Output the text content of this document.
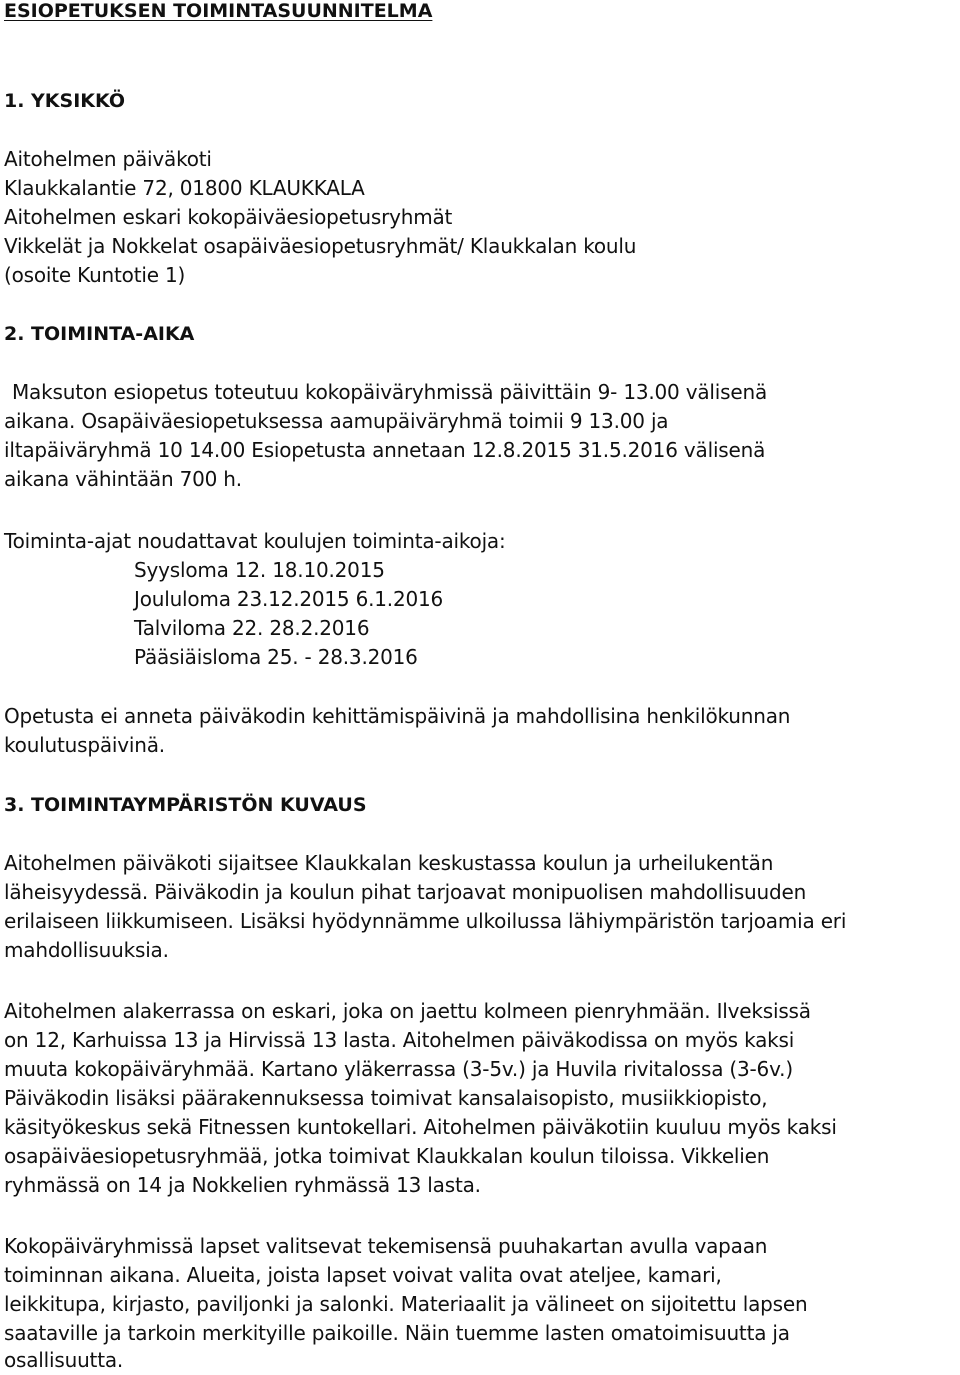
ESIOPETUKSEN TOIMINTASUUNNITELMA
1. YKSIKKÖ
Aitohelmen päiväkoti
Klaukkalantie 72, 01800 KLAUKKALA
Aitohelmen eskari kokopäiväesiopetusryhmät
Vikkelät ja Nokkelat osapäiväesiopetusryhmät/ Klaukkalan koulu
(osoite Kuntotie 1)
2. TOIMINTA-AIKA
Maksuton esiopetus toteutuu kokopäiväryhmissä päivittäin 9- 13.00 välisenä
aikana. Osapäiväesiopetuksessa aamupäiväryhmä toimii 9 13.00 ja
iltapäiväryhmä 10 14.00 Esiopetusta annetaan 12.8.2015 31.5.2016 välisenä
aikana vähintään 700 h.
Toiminta-ajat noudattavat koulujen toiminta-aikoja:
Syysloma 12. 18.10.2015
Joululoma 23.12.2015 6.1.2016
Talviloma 22. 28.2.2016
Pääsiäisloma 25. - 28.3.2016
Opetusta ei anneta päiväkodin kehittämispäivinä ja mahdollisina henkilökunnan
koulutuspäivinä.
3. TOIMINTAYMPÄRISTÖN KUVAUS
Aitohelmen päiväkoti sijaitsee Klaukkalan keskustassa koulun ja urheilukentän
läheisyydessä. Päiväkodin ja koulun pihat tarjoavat monipuolisen mahdollisuuden
erilaiseen liikkumiseen. Lisäksi hyödynnämme ulkoilussa lähiympäristön tarjoamia eri
mahdollisuuksia.
Aitohelmen alakerrassa on eskari, joka on jaettu kolmeen pienryhmään. Ilveksissä
on 12, Karhuissa 13 ja Hirvissä 13 lasta. Aitohelmen päiväkodissa on myös kaksi
muuta kokopäiväryhmää. Kartano yläkerrassa (3-5v.) ja Huvila rivitalossa (3-6v.)
Päiväkodin lisäksi päärakennuksessa toimivat kansalaisopisto, musiikkiopisto,
käsityökeskus sekä Fitnessen kuntokellari. Aitohelmen päiväkotiin kuuluu myös kaksi
osapäiväesiopetusryhmää, jotka toimivat Klaukkalan koulun tiloissa. Vikkelien
ryhmässä on 14 ja Nokkelien ryhmässä 13 lasta.
Kokopäiväryhmissä lapset valitsevat tekemisensä puuhakartan avulla vapaan
toiminnan aikana. Alueita, joista lapset voivat valita ovat ateljee, kamari,
leikkitupa, kirjasto, paviljonki ja salonki. Materiaalit ja välineet on sijoitettu lapsen
saataville ja tarkoin merkityille paikoille. Näin tuemme lasten omatoimisuutta ja
osallisuutta.
